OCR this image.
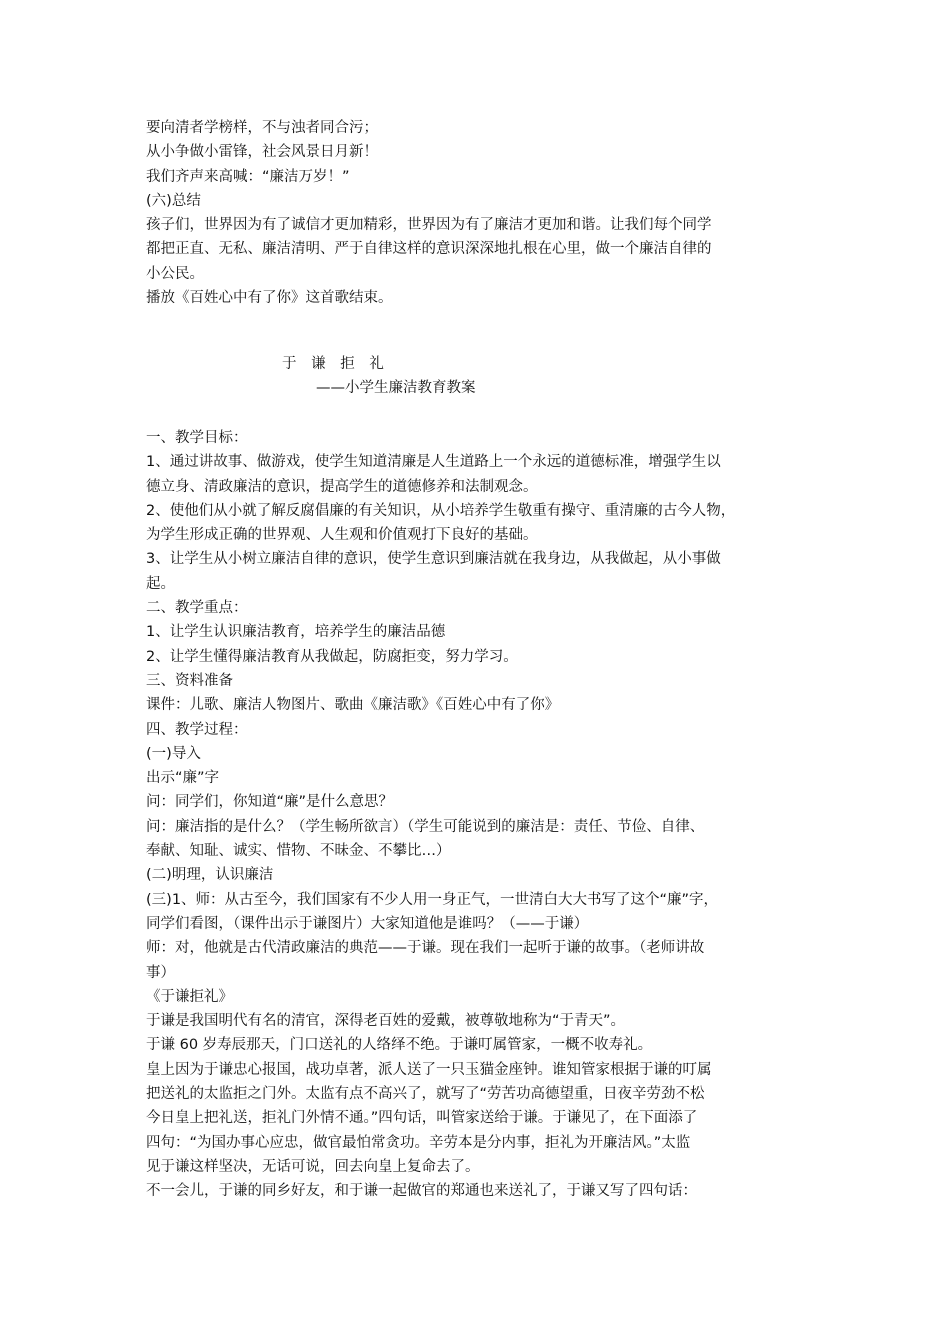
要向清者学榜样，不与浊者同合污；
从小争做小雷锋，社会风景日月新！
我们齐声来高喊：“廉洁万岁！”
(六)总结
孩子们，世界因为有了诚信才更加精彩，世界因为有了廉洁才更加和谐。让我们每个同学
都把正直、无私、廉洁清明、严于自律这样的意识深深地扎根在心里，做一个廉洁自律的
小公民。
播放《百姓心中有了你》这首歌结束。
于 谦 拒 礼
——小学生廉洁教育教案
一、教学目标：
1、通过讲故事、做游戏，使学生知道清廉是人生道路上一个永远的道德标准，增强学生以
德立身、清政廉洁的意识，提高学生的道德修养和法制观念。
2、使他们从小就了解反腐倡廉的有关知识，从小培养学生敬重有操守、重清廉的古今人物，
为学生形成正确的世界观、人生观和价值观打下良好的基础。
3、让学生从小树立廉洁自律的意识，使学生意识到廉洁就在我身边，从我做起，从小事做
起。
二、教学重点：
1、让学生认识廉洁教育，培养学生的廉洁品德
2、让学生懂得廉洁教育从我做起，防腐拒变，努力学习。
三、资料准备
课件：儿歌、廉洁人物图片、歌曲《廉洁歌》《百姓心中有了你》
四、教学过程：
(一)导入
出示“廉”字
问：同学们，你知道“廉”是什么意思？
问：廉洁指的是什么？（学生畅所欲言）（学生可能说到的廉洁是：责任、节俭、自律、
奉献、知耻、诚实、惜物、不昧金、不攀比…）
(二)明理，认识廉洁
(三)1、师：从古至今，我们国家有不少人用一身正气，一世清白大大书写了这个“廉”字，
同学们看图，（课件出示于谦图片）大家知道他是谁吗？（——于谦）
师：对，他就是古代清政廉洁的典范——于谦。现在我们一起听于谦的故事。（老师讲故
事）
《于谦拒礼》
于谦是我国明代有名的清官，深得老百姓的爱戴，被尊敬地称为“于青天”。
于谦 60 岁寿辰那天，门口送礼的人络绎不绝。于谦叮属管家，一概不收寿礼。
皇上因为于谦忠心报国，战功卓著，派人送了一只玉猫金座钟。谁知管家根据于谦的叮属
把送礼的太监拒之门外。太监有点不高兴了，就写了“劳苦功高德望重，日夜辛劳劲不松
今日皇上把礼送，拒礼门外情不通。”四句话，叫管家送给于谦。于谦见了，在下面添了
四句：“为国办事心应忠，做官最怕常贪功。辛劳本是分内事，拒礼为开廉洁风。”太监
见于谦这样坚决，无话可说，回去向皇上复命去了。
不一会儿，于谦的同乡好友，和于谦一起做官的郑通也来送礼了，于谦又写了四句话：
